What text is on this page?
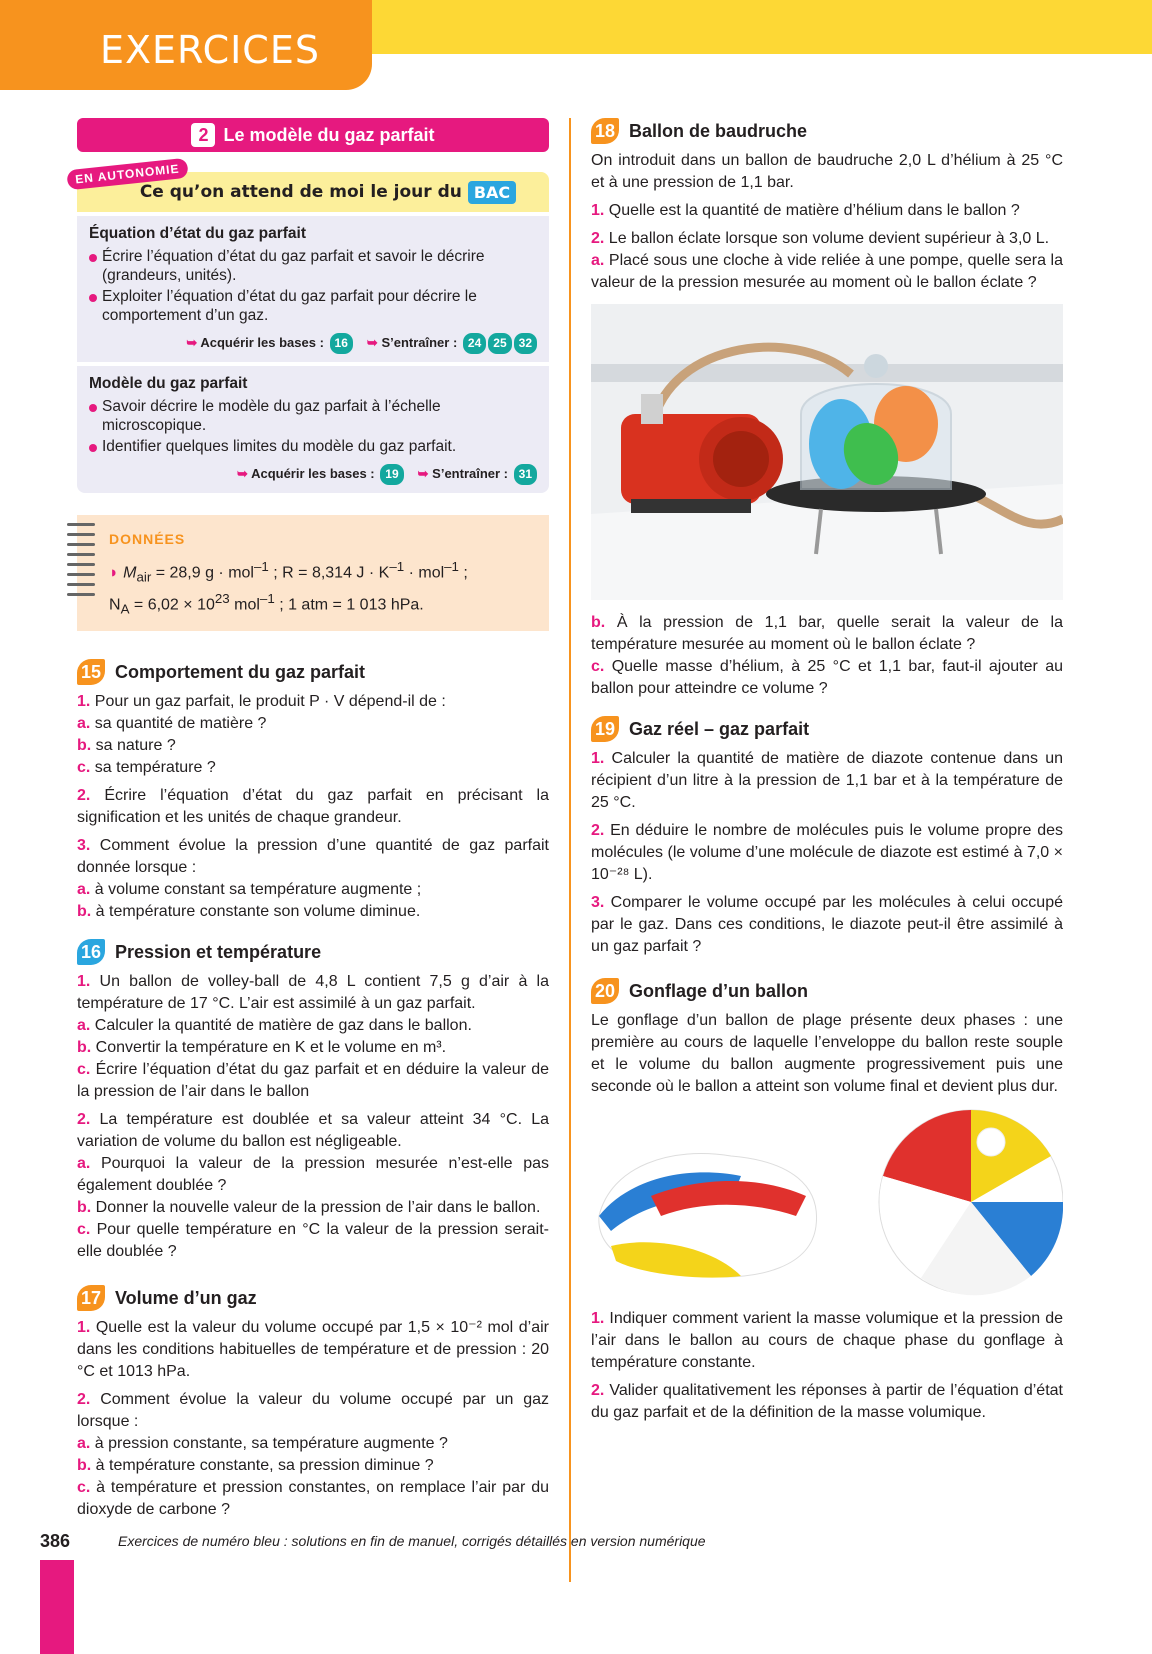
EXERCICES
2 Le modèle du gaz parfait
EN AUTONOMIE
Ce qu’on attend de moi le jour du BAC
Équation d’état du gaz parfait
Écrire l’équation d’état du gaz parfait et savoir le décrire (grandeurs, unités).
Exploiter l’équation d’état du gaz parfait pour décrire le comportement d’un gaz.
➥ Acquérir les bases : 16	➥ S’entraîner : 24 25 32
Modèle du gaz parfait
Savoir décrire le modèle du gaz parfait à l’échelle microscopique.
Identifier quelques limites du modèle du gaz parfait.
➥ Acquérir les bases : 19	➥ S’entraîner : 31
DONNÉES
◗ $M_{air} = 28,9$ g · mol$^{-1}$ ; R = 8,314 $J \cdot K^{-1} \cdot mol^{-1}$ ;
$N_A = 6,02 \times 10^{23}$ mol$^{-1}$ ; 1 atm = 1 013 hPa.
15 Comportement du gaz parfait

1. Pour un gaz parfait, le produit P · V dépend-il de :

a. sa quantité de matière ?

b. sa nature ?

c. sa température ?

2. Écrire l’équation d’état du gaz parfait en précisant la signification et les unités de chaque grandeur.

3. Comment évolue la pression d’une quantité de gaz parfait donnée lorsque :

a. à volume constant sa température augmente ;

b. à température constante son volume diminue.

16 Pression et température

1. Un ballon de volley-ball de 4,8 L contient 7,5 g d’air à la température de 17 °C. L’air est assimilé à un gaz parfait.

a. Calculer la quantité de matière de gaz dans le ballon.

b. Convertir la température en K et le volume en m³.

c. Écrire l’équation d’état du gaz parfait et en déduire la valeur de la pression de l’air dans le ballon

2. La température est doublée et sa valeur atteint 34 °C. La variation de volume du ballon est négligeable.

a. Pourquoi la valeur de la pression mesurée n’est-elle pas également doublée ?

b. Donner la nouvelle valeur de la pression de l’air dans le ballon.

c. Pour quelle température en °C la valeur de la pression serait-elle doublée ?

17 Volume d’un gaz

1. Quelle est la valeur du volume occupé par 1,5 × 10⁻² mol d’air dans les conditions habituelles de température et de pression : 20 °C et 1013 hPa.

2. Comment évolue la valeur du volume occupé par un gaz lorsque :

a. à pression constante, sa température augmente ?

b. à température constante, sa pression diminue ?

c. à température et pression constantes, on remplace l’air par du dioxyde de carbone ?

18 Ballon de baudruche

On introduit dans un ballon de baudruche 2,0 L d’hélium à 25 °C et à une pression de 1,1 bar.

1. Quelle est la quantité de matière d’hélium dans le ballon ?

2. Le ballon éclate lorsque son volume devient supérieur à 3,0 L.

a. Placé sous une cloche à vide reliée à une pompe, quelle sera la valeur de la pression mesurée au moment où le ballon éclate ?

b. À la pression de 1,1 bar, quelle serait la valeur de la température mesurée au moment où le ballon éclate ?

c. Quelle masse d’hélium, à 25 °C et 1,1 bar, faut-il ajouter au ballon pour atteindre ce volume ?

19 Gaz réel – gaz parfait

1. Calculer la quantité de matière de diazote contenue dans un récipient d’un litre à la pression de 1,1 bar et à la température de 25 °C.

2. En déduire le nombre de molécules puis le volume propre des molécules (le volume d’une molécule de diazote est estimé à 7,0 × 10⁻²⁸ L).

3. Comparer le volume occupé par les molécules à celui occupé par le gaz. Dans ces conditions, le diazote peut-il être assimilé à un gaz parfait ?

20 Gonflage d’un ballon

Le gonflage d’un ballon de plage présente deux phases : une première au cours de laquelle l’enveloppe du ballon reste souple et le volume du ballon augmente progressivement puis une seconde où le ballon a atteint son volume final et devient plus dur.

1. Indiquer comment varient la masse volumique et la pression de l’air dans le ballon au cours de chaque phase du gonflage à température constante.

2. Valider qualitativement les réponses à partir de l’équation d’état du gaz parfait et de la définition de la masse volumique.

386	Exercices de numéro bleu : solutions en fin de manuel, corrigés détaillés en version numérique
